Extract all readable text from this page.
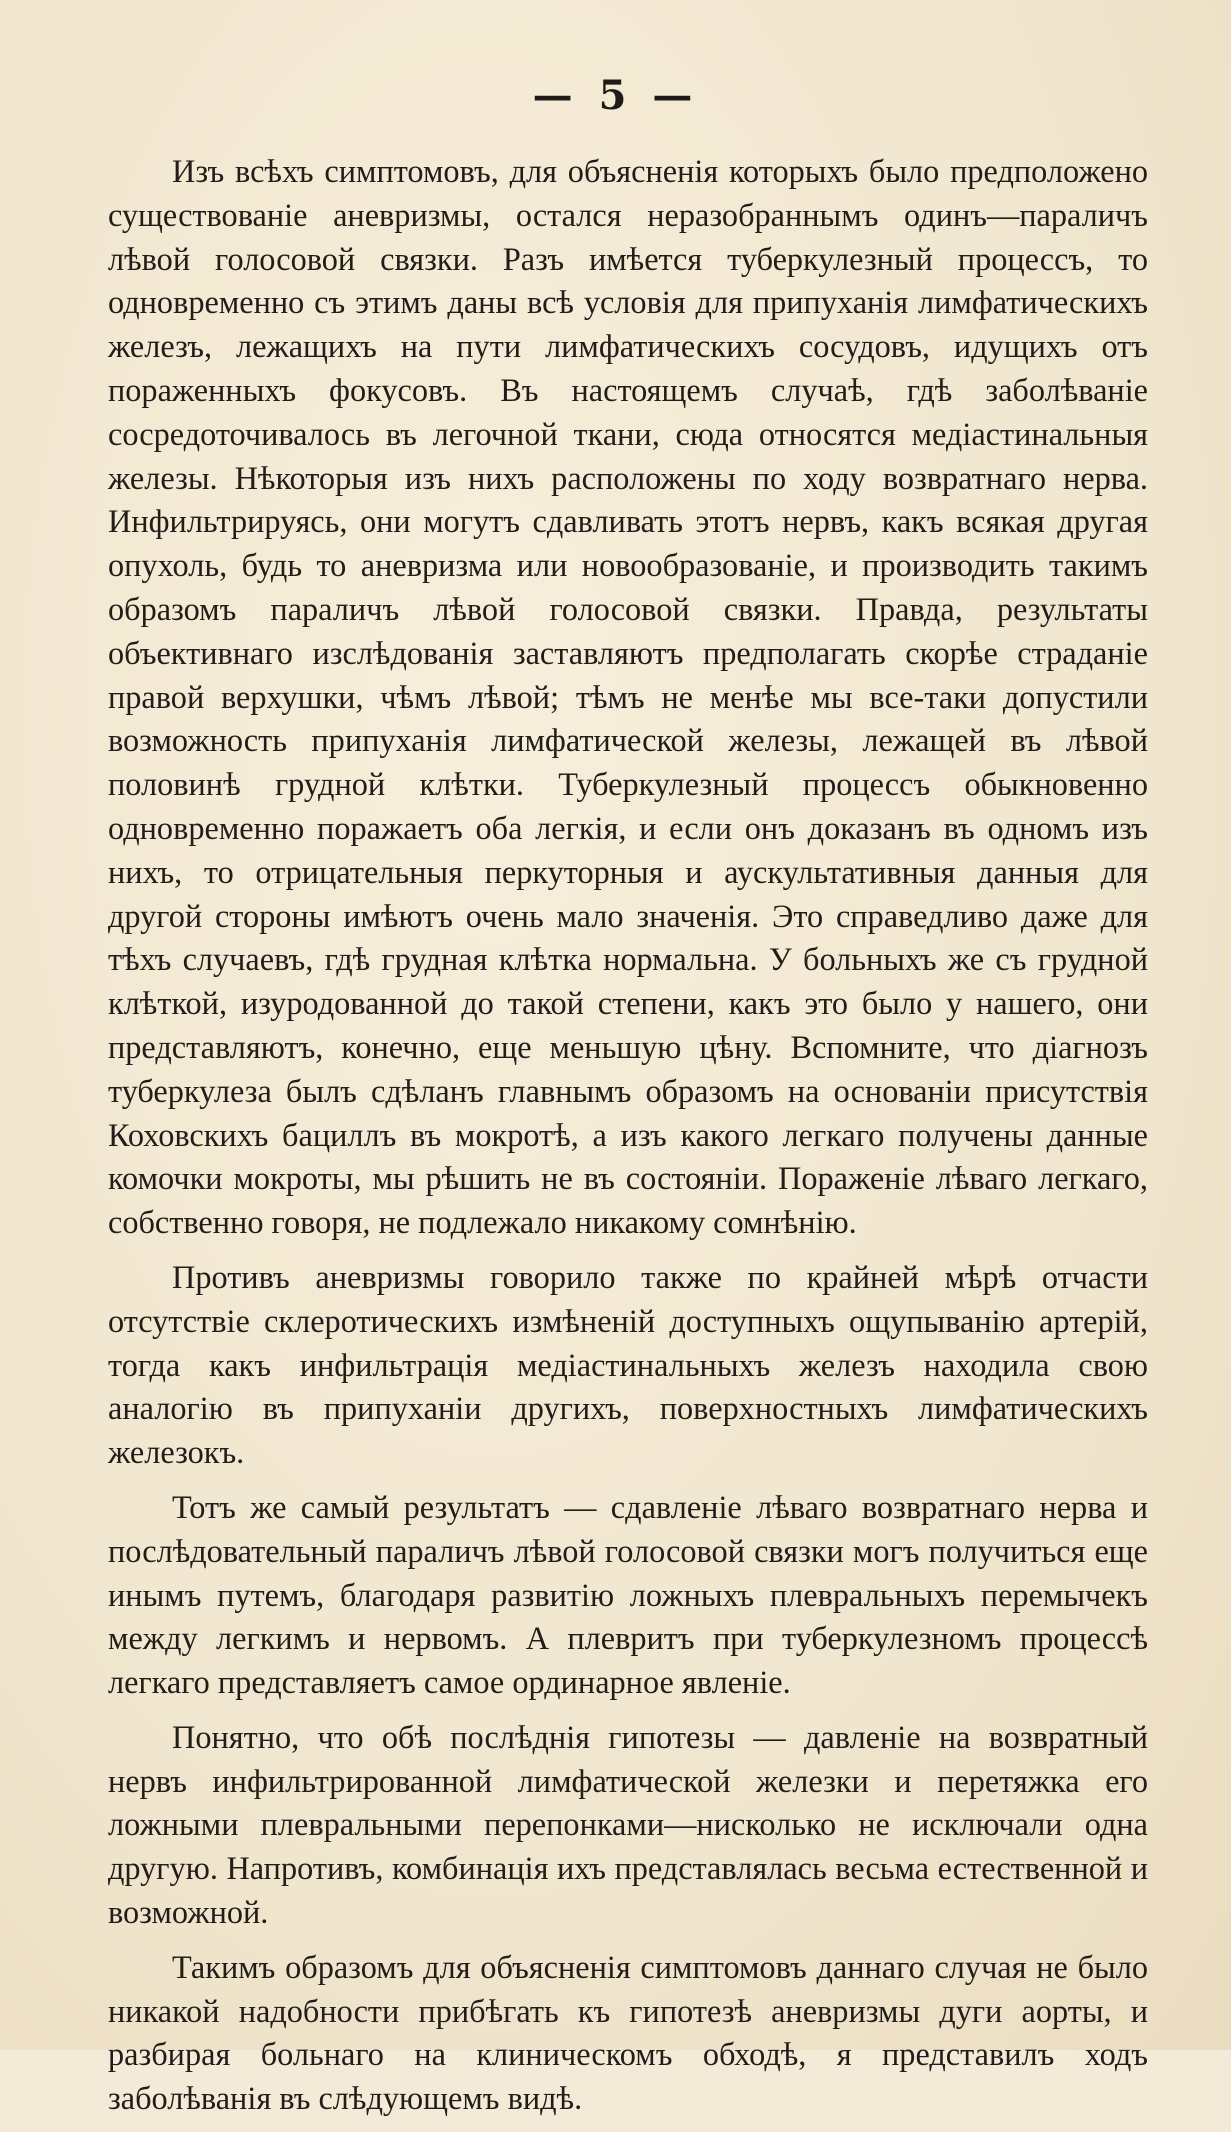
— 5 —

Изъ всѣхъ симптомовъ, для объясненія которыхъ было предположено существованіе аневризмы, остался неразобраннымъ одинъ—параличъ лѣвой голосовой связки. Разъ имѣется туберкулезный процессъ, то одновременно съ этимъ даны всѣ условія для припуханія лимфатическихъ железъ, лежащихъ на пути лимфатическихъ сосудовъ, идущихъ отъ пораженныхъ фокусовъ. Въ настоящемъ случаѣ, гдѣ заболѣваніе сосредоточивалось въ легочной ткани, сюда относятся медіастинальныя железы. Нѣкоторыя изъ нихъ расположены по ходу возвратнаго нерва. Инфильтрируясь, они могутъ сдавливать этотъ нервъ, какъ всякая другая опухоль, будь то аневризма или новообразованіе, и производить такимъ образомъ параличъ лѣвой голосовой связки. Правда, результаты объективнаго изслѣдованія заставляютъ предполагать скорѣе страданіе правой верхушки, чѣмъ лѣвой; тѣмъ не менѣе мы все-таки допустили возможность припуханія лимфатической железы, лежащей въ лѣвой половинѣ грудной клѣтки. Туберкулезный процессъ обыкновенно одновременно поражаетъ оба легкія, и если онъ доказанъ въ одномъ изъ нихъ, то отрицательныя перкуторныя и аускультативныя данныя для другой стороны имѣютъ очень мало значенія. Это справедливо даже для тѣхъ случаевъ, гдѣ грудная клѣтка нормальна. У больныхъ же съ грудной клѣткой, изуродованной до такой степени, какъ это было у нашего, они представляютъ, конечно, еще меньшую цѣну. Вспомните, что діагнозъ туберкулеза былъ сдѣланъ главнымъ образомъ на основаніи присутствія Коховскихъ бациллъ въ мокротѣ, а изъ какого легкаго получены данные комочки мокроты, мы рѣшить не въ состояніи. Пораженіе лѣваго легкаго, собственно говоря, не подлежало никакому сомнѣнію.

Противъ аневризмы говорило также по крайней мѣрѣ отчасти отсутствіе склеротическихъ измѣненій доступныхъ ощупыванію артерій, тогда какъ инфильтрація медіастинальныхъ железъ находила свою аналогію въ припуханіи другихъ, поверхностныхъ лимфатическихъ железокъ.

Тотъ же самый результатъ — сдавленіе лѣваго возвратнаго нерва и послѣдовательный параличъ лѣвой голосовой связки могъ получиться еще инымъ путемъ, благодаря развитію ложныхъ плевральныхъ перемычекъ между легкимъ и нервомъ. А плевритъ при туберкулезномъ процессѣ легкаго представляетъ самое ординарное явленіе.

Понятно, что обѣ послѣднія гипотезы — давленіе на возвратный нервъ инфильтрированной лимфатической железки и перетяжка его ложными плевральными перепонками—нисколько не исключали одна другую. Напротивъ, комбинація ихъ представлялась весьма естественной и возможной.

Такимъ образомъ для объясненія симптомовъ даннаго случая не было никакой надобности прибѣгать къ гипотезѣ аневризмы дуги аорты, и разбирая больнаго на клиническомъ обходѣ, я представилъ ходъ заболѣванія въ слѣдующемъ видѣ.
